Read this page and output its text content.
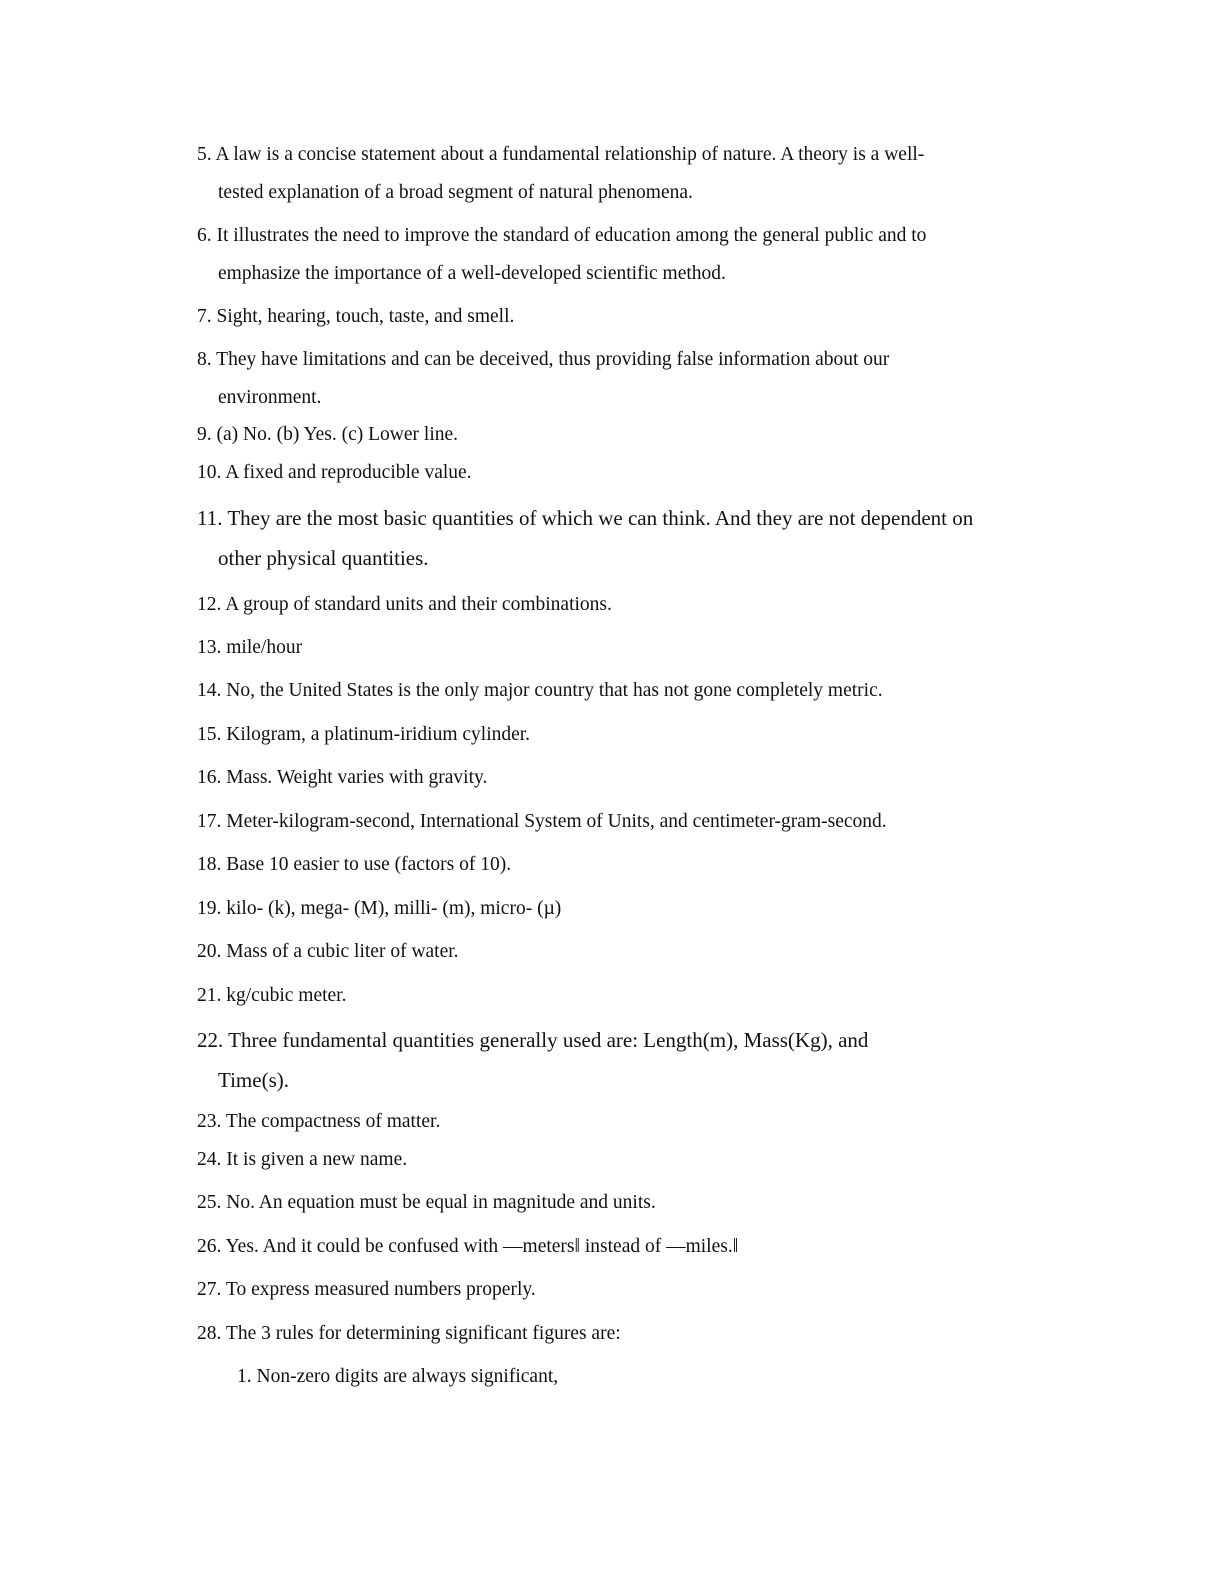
5. A law is a concise statement about a fundamental relationship of nature. A theory is a well-
tested explanation of a broad segment of natural phenomena.
6. It illustrates the need to improve the standard of education among the general public and to
emphasize the importance of a well-developed scientific method.
7. Sight, hearing, touch, taste, and smell.
8. They have limitations and can be deceived, thus providing false information about our
environment.
9. (a) No. (b) Yes. (c) Lower line.
10. A fixed and reproducible value.
11. They are the most basic quantities of which we can think. And they are not dependent on
other physical quantities.
12. A group of standard units and their combinations.
13. mile/hour
14. No, the United States is the only major country that has not gone completely metric.
15. Kilogram, a platinum-iridium cylinder.
16. Mass. Weight varies with gravity.
17. Meter-kilogram-second, International System of Units, and centimeter-gram-second.
18. Base 10 easier to use (factors of 10).
19. kilo- (k), mega- (M), milli- (m), micro- (µ)
20. Mass of a cubic liter of water.
21. kg/cubic meter.
22. Three fundamental quantities generally used are: Length(m), Mass(Kg), and
Time(s).
23. The compactness of matter.
24. It is given a new name.
25. No. An equation must be equal in magnitude and units.
26. Yes. And it could be confused with —meters‖ instead of —miles.‖
27. To express measured numbers properly.
28. The 3 rules for determining significant figures are:
1. Non-zero digits are always significant,
